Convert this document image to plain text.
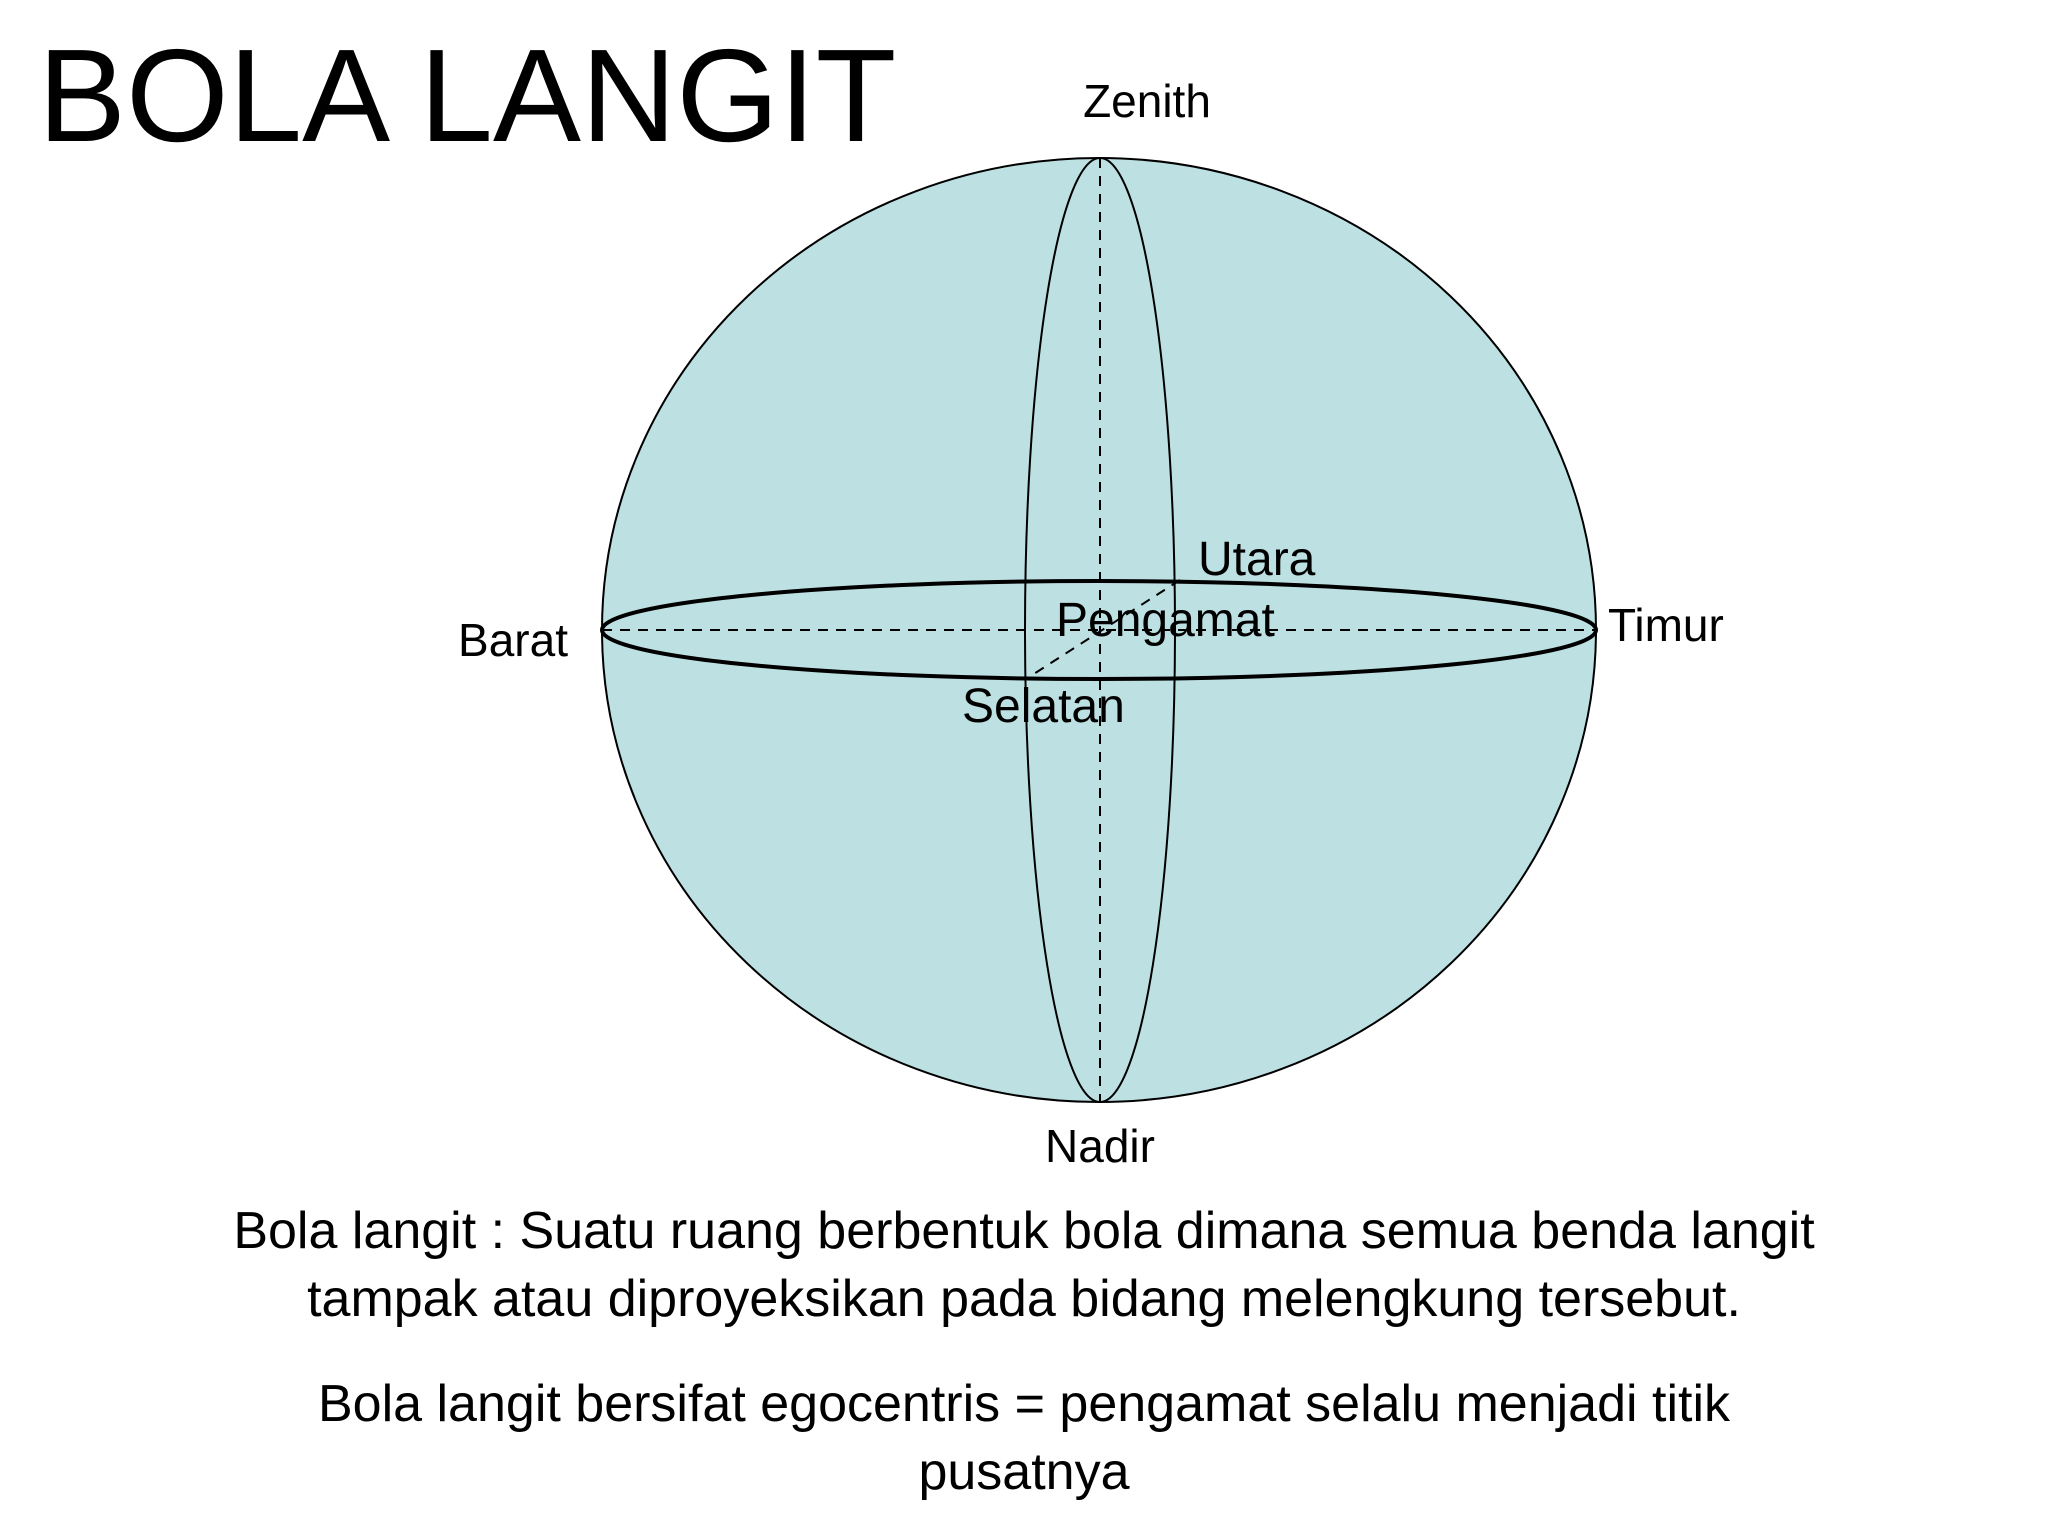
BOLA LANGIT	Zenith
Nadir
Barat	Timur
Utara
Pengamat
Selatan

Bola langit : Suatu ruang berbentuk bola dimana semua benda langit
tampak atau diproyeksikan pada bidang melengkung tersebut.

Bola langit bersifat egocentris = pengamat selalu menjadi titik
pusatnya
